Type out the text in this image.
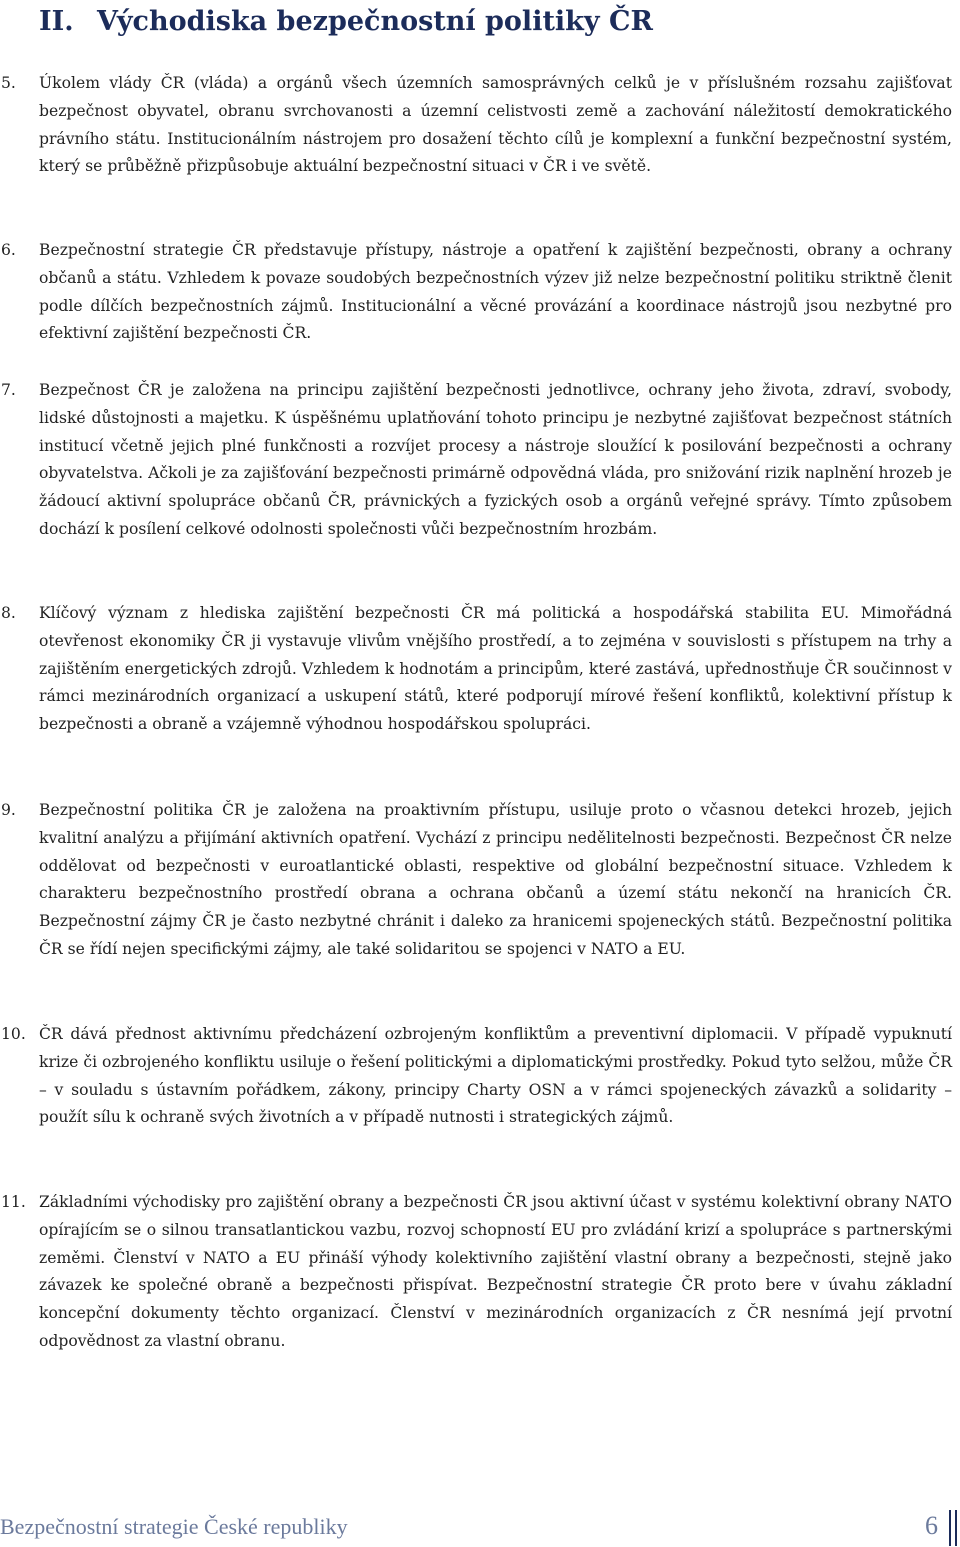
II. Východiska bezpečnostní politiky ČR
5.	Úkolem vlády ČR (vláda) a orgánů všech územních samosprávných celků je v příslušném rozsahu zajišťovat bezpečnost obyvatel, obranu svrchovanosti a územní celistvosti země a zachování náležitostí demokratického právního státu. Institucionálním nástrojem pro dosažení těchto cílů je komplexní a funkční bezpečnostní systém, který se průběžně přizpůsobuje aktuální bezpečnostní situaci v ČR i ve světě.
6.	Bezpečnostní strategie ČR představuje přístupy, nástroje a opatření k zajištění bezpečnosti, obrany a ochrany občanů a státu. Vzhledem k povaze soudobých bezpečnostních výzev již nelze bezpečnostní politiku striktně členit podle dílčích bezpečnostních zájmů. Institucionální a věcné provázání a koordinace nástrojů jsou nezbytné pro efektivní zajištění bezpečnosti ČR.
7.	Bezpečnost ČR je založena na principu zajištění bezpečnosti jednotlivce, ochrany jeho života, zdraví, svobody, lidské důstojnosti a majetku. K úspěšnému uplatňování tohoto principu je nezbytné zajišťovat bezpečnost státních institucí včetně jejich plné funkčnosti a rozvíjet procesy a nástroje sloužící k posilování bezpečnosti a ochrany obyvatelstva. Ačkoli je za zajišťování bezpečnosti primárně odpovědná vláda, pro snižování rizik naplnění hrozeb je žádoucí aktivní spolupráce občanů ČR, právnických a fyzických osob a orgánů veřejné správy. Tímto způsobem dochází k posílení celkové odolnosti společnosti vůči bezpečnostním hrozbám.
8.	Klíčový význam z hlediska zajištění bezpečnosti ČR má politická a hospodářská stabilita EU. Mimořádná otevřenost ekonomiky ČR ji vystavuje vlivům vnějšího prostředí, a to zejména v souvislosti s přístupem na trhy a zajištěním energetických zdrojů. Vzhledem k hodnotám a principům, které zastává, upřednostňuje ČR součinnost v rámci mezinárodních organizací a uskupení států, které podporují mírové řešení konfliktů, kolektivní přístup k bezpečnosti a obraně a vzájemně výhodnou hospodářskou spolupráci.
9.	Bezpečnostní politika ČR je založena na proaktivním přístupu, usiluje proto o včasnou detekci hrozeb, jejich kvalitní analýzu a přijímání aktivních opatření. Vychází z principu nedělitelnosti bezpečnosti. Bezpečnost ČR nelze oddělovat od bezpečnosti v euroatlantické oblasti, respektive od globální bezpečnostní situace. Vzhledem k charakteru bezpečnostního prostředí obrana a ochrana občanů a území státu nekončí na hranicích ČR. Bezpečnostní zájmy ČR je často nezbytné chránit i daleko za hranicemi spojeneckých států. Bezpečnostní politika ČR se řídí nejen specifickými zájmy, ale také solidaritou se spojenci v NATO a EU.
10. ČR dává přednost aktivnímu předcházení ozbrojeným konfliktům a preventivní diplomacii. V případě vypuknutí krize či ozbrojeného konfliktu usiluje o řešení politickými a diplomatickými prostředky. Pokud tyto selžou, může ČR – v souladu s ústavním pořádkem, zákony, principy Charty OSN a v rámci spojeneckých závazků a solidarity – použít sílu k ochraně svých životních a v případě nutnosti i strategických zájmů.
11. Základními východisky pro zajištění obrany a bezpečnosti ČR jsou aktivní účast v systému kolektivní obrany NATO opírajícím se o silnou transatlantickou vazbu, rozvoj schopností EU pro zvládání krizí a spolupráce s partnerskými zeměmi. Členství v NATO a EU přináší výhody kolektivního zajištění vlastní obrany a bezpečnosti, stejně jako závazek ke společné obraně a bezpečnosti přispívat. Bezpečnostní strategie ČR proto bere v úvahu základní koncepční dokumenty těchto organizací. Členství v mezinárodních organizacích z ČR nesnímá její prvotní odpovědnost za vlastní obranu.
Bezpečnostní strategie České republiky	6
